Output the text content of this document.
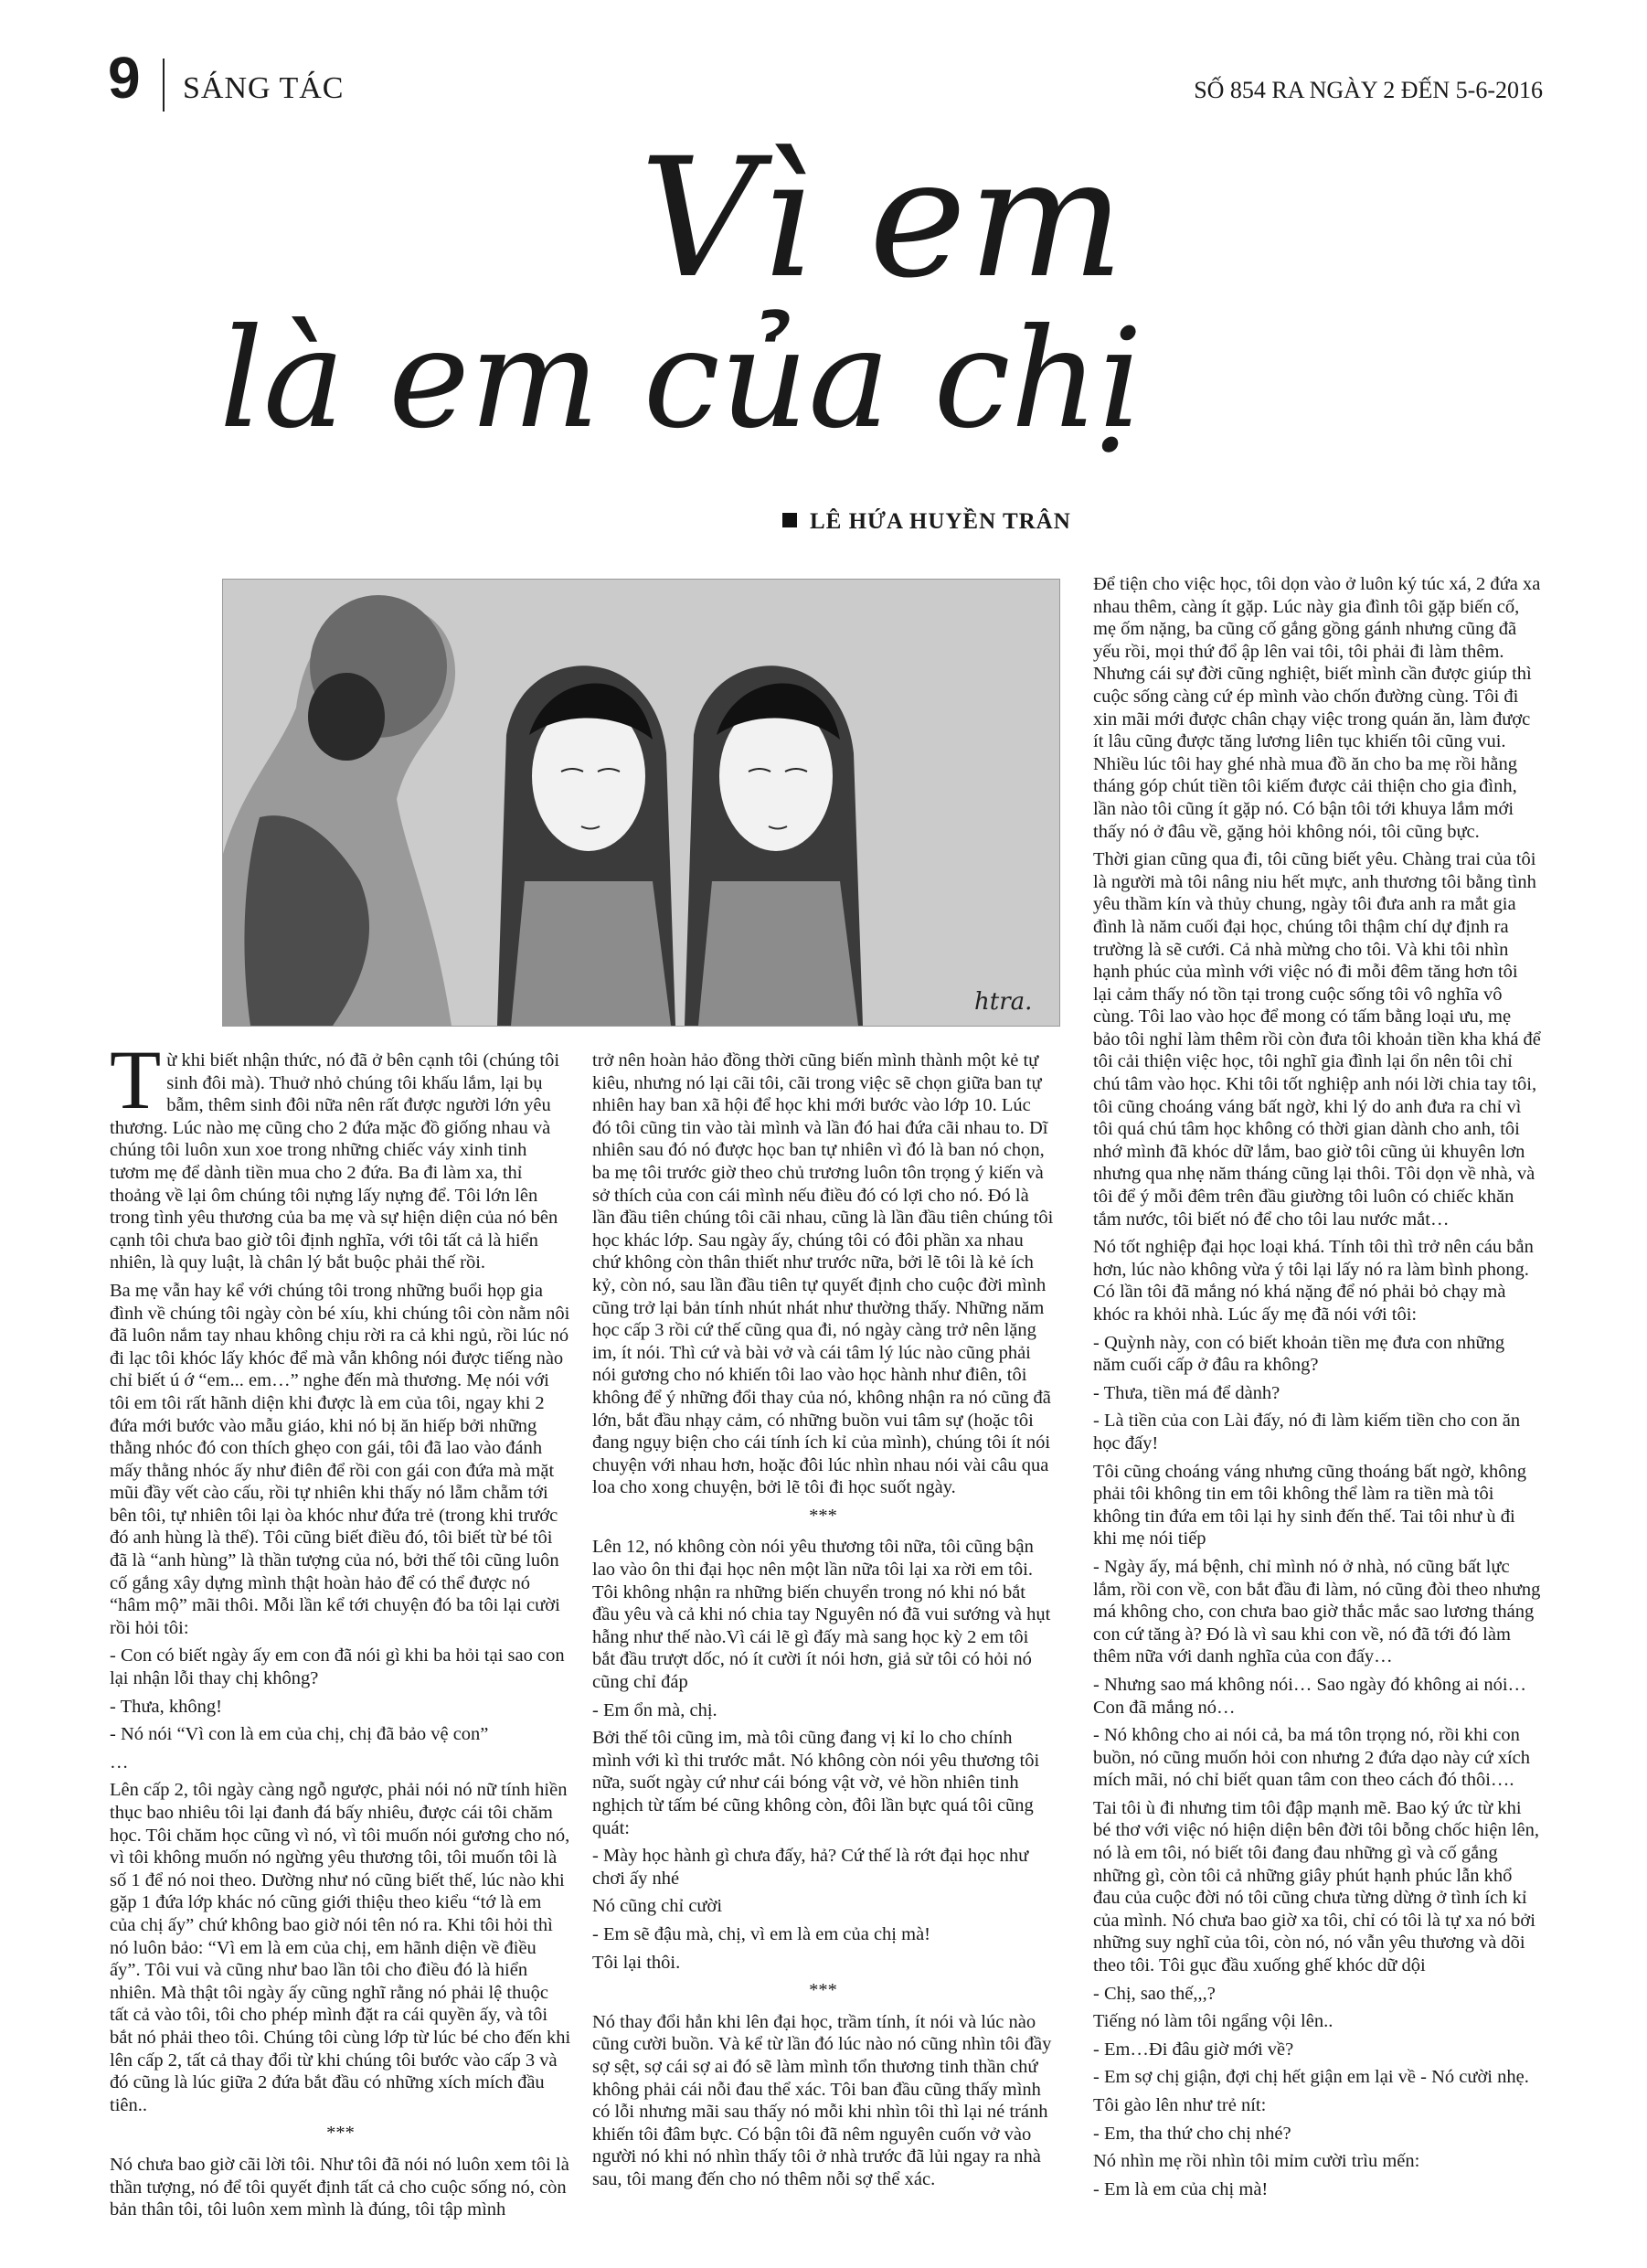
9 SÁNG TÁC	SỐ 854 RA NGÀY 2 ĐẾN 5-6-2016
Vì em
là em của chị
LÊ HỨA HUYỀN TRÂN
htra.

Từ khi biết nhận thức, nó đã ở bên cạnh tôi (chúng tôi sinh đôi mà). Thuở nhỏ chúng tôi khấu lắm, lại bụ bẫm, thêm sinh đôi nữa nên rất được người lớn yêu thương. Lúc nào mẹ cũng cho 2 đứa mặc đồ giống nhau và chúng tôi luôn xun xoe trong những chiếc váy xinh tinh tươm mẹ để dành tiền mua cho 2 đứa. Ba đi làm xa, thỉ thoảng về lại ôm chúng tôi nựng lấy nựng để. Tôi lớn lên trong tình yêu thương của ba mẹ và sự hiện diện của nó bên cạnh tôi chưa bao giờ tôi định nghĩa, với tôi tất cả là hiển nhiên, là quy luật, là chân lý bắt buộc phải thế rồi.

Ba mẹ vẫn hay kể với chúng tôi trong những buổi họp gia đình về chúng tôi ngày còn bé xíu, khi chúng tôi còn nằm nôi đã luôn nắm tay nhau không chịu rời ra cả khi ngủ, rồi lúc nó đi lạc tôi khóc lấy khóc để mà vẫn không nói được tiếng nào chỉ biết ú ớ “em... em…” nghe đến mà thương. Mẹ nói với tôi em tôi rất hãnh diện khi được là em của tôi, ngay khi 2 đứa mới bước vào mẫu giáo, khi nó bị ăn hiếp bởi những thằng nhóc đó con thích ghẹo con gái, tôi đã lao vào đánh mấy thằng nhóc ấy như điên để rồi con gái con đứa mà mặt mũi đầy vết cào cấu, rồi tự nhiên khi thấy nó lẵm chẵm tới bên tôi, tự nhiên tôi lại òa khóc như đứa trẻ (trong khi trước đó anh hùng là thế). Tôi cũng biết điều đó, tôi biết từ bé tôi đã là “anh hùng” là thần tượng của nó, bởi thế tôi cũng luôn cố gắng xây dựng mình thật hoàn hảo để có thể được nó “hâm mộ” mãi thôi. Mỗi lần kể tới chuyện đó ba tôi lại cười rồi hỏi tôi:

- Con có biết ngày ấy em con đã nói gì khi ba hỏi tại sao con lại nhận lỗi thay chị không?

- Thưa, không!

- Nó nói “Vì con là em của chị, chị đã bảo vệ con”

…

Lên cấp 2, tôi ngày càng ngỗ ngược, phải nói nó nữ tính hiền thục bao nhiêu tôi lại đanh đá bấy nhiêu, được cái tôi chăm học. Tôi chăm học cũng vì nó, vì tôi muốn nói gương cho nó, vì tôi không muốn nó ngừng yêu thương tôi, tôi muốn tôi là số 1 để nó noi theo. Dường như nó cũng biết thế, lúc nào khi gặp 1 đứa lớp khác nó cũng giới thiệu theo kiểu “tớ là em của chị ấy” chứ không bao giờ nói tên nó ra. Khi tôi hỏi thì nó luôn bảo: “Vì em là em của chị, em hãnh diện về điều ấy”. Tôi vui và cũng như bao lần tôi cho điều đó là hiển nhiên. Mà thật tôi ngày ấy cũng nghĩ rằng nó phải lệ thuộc tất cả vào tôi, tôi cho phép mình đặt ra cái quyền ấy, và tôi bắt nó phải theo tôi. Chúng tôi cùng lớp từ lúc bé cho đến khi lên cấp 2, tất cả thay đổi từ khi chúng tôi bước vào cấp 3 và đó cũng là lúc giữa 2 đứa bắt đầu có những xích mích đầu tiên..

***

Nó chưa bao giờ cãi lời tôi. Như tôi đã nói nó luôn xem tôi là thần tượng, nó để tôi quyết định tất cả cho cuộc sống nó, còn bản thân tôi, tôi luôn xem mình là đúng, tôi tập mình

trở nên hoàn hảo đồng thời cũng biến mình thành một kẻ tự kiêu, nhưng nó lại cãi tôi, cãi trong việc sẽ chọn giữa ban tự nhiên hay ban xã hội để học khi mới bước vào lớp 10. Lúc đó tôi cũng tin vào tài mình và lần đó hai đứa cãi nhau to. Dĩ nhiên sau đó nó được học ban tự nhiên vì đó là ban nó chọn, ba mẹ tôi trước giờ theo chủ trương luôn tôn trọng ý kiến và sở thích của con cái mình nếu điều đó có lợi cho nó. Đó là lần đầu tiên chúng tôi cãi nhau, cũng là lần đầu tiên chúng tôi học khác lớp. Sau ngày ấy, chúng tôi có đôi phần xa nhau chứ không còn thân thiết như trước nữa, bởi lẽ tôi là kẻ ích kỷ, còn nó, sau lần đầu tiên tự quyết định cho cuộc đời mình cũng trở lại bản tính nhút nhát như thường thấy. Những năm học cấp 3 rồi cứ thế cũng qua đi, nó ngày càng trở nên lặng im, ít nói. Thì cứ và bài vở và cái tâm lý lúc nào cũng phải nói gương cho nó khiến tôi lao vào học hành như điên, tôi không để ý những đổi thay của nó, không nhận ra nó cũng đã lớn, bắt đầu nhạy cảm, có những buồn vui tâm sự (hoặc tôi đang ngụy biện cho cái tính ích kỉ của mình), chúng tôi ít nói chuyện với nhau hơn, hoặc đôi lúc nhìn nhau nói vài câu qua loa cho xong chuyện, bởi lẽ tôi đi học suốt ngày.

***

Lên 12, nó không còn nói yêu thương tôi nữa, tôi cũng bận lao vào ôn thi đại học nên một lần nữa tôi lại xa rời em tôi. Tôi không nhận ra những biến chuyển trong nó khi nó bắt đầu yêu và cả khi nó chia tay Nguyên nó đã vui sướng và hụt hẫng như thế nào.Vì cái lẽ gì đấy mà sang học kỳ 2 em tôi bắt đầu trượt dốc, nó ít cười ít nói hơn, giả sử tôi có hỏi nó cũng chỉ đáp

- Em ổn mà, chị.

Bởi thế tôi cũng im, mà tôi cũng đang vị kỉ lo cho chính mình với kì thi trước mắt. Nó không còn nói yêu thương tôi nữa, suốt ngày cứ như cái bóng vật vờ, vẻ hồn nhiên tinh nghịch từ tấm bé cũng không còn, đôi lần bực quá tôi cũng quát:

- Mày học hành gì chưa đấy, hả? Cứ thế là rớt đại học như chơi ấy nhé

Nó cũng chỉ cười

- Em sẽ đậu mà, chị, vì em là em của chị mà!

Tôi lại thôi.

***

Nó thay đổi hẳn khi lên đại học, trầm tính, ít nói và lúc nào cũng cười buồn. Và kể từ lần đó lúc nào nó cũng nhìn tôi đầy sợ sệt, sợ cái sợ ai đó sẽ làm mình tổn thương tinh thần chứ không phải cái nỗi đau thể xác. Tôi ban đầu cũng thấy mình có lỗi nhưng mãi sau thấy nó mỗi khi nhìn tôi thì lại né tránh khiến tôi đâm bực. Có bận tôi đã nêm nguyên cuốn vở vào người nó khi nó nhìn thấy tôi ở nhà trước đã lủi ngay ra nhà sau, tôi mang đến cho nó thêm nỗi sợ thể xác.

Để tiện cho việc học, tôi dọn vào ở luôn ký túc xá, 2 đứa xa nhau thêm, càng ít gặp. Lúc này gia đình tôi gặp biến cố, mẹ ốm nặng, ba cũng cố gắng gồng gánh nhưng cũng đã yếu rồi, mọi thứ đổ ập lên vai tôi, tôi phải đi làm thêm. Nhưng cái sự đời cũng nghiệt, biết mình cần được giúp thì cuộc sống càng cứ ép mình vào chốn đường cùng. Tôi đi xin mãi mới được chân chạy việc trong quán ăn, làm được ít lâu cũng được tăng lương liên tục khiến tôi cũng vui. Nhiều lúc tôi hay ghé nhà mua đồ ăn cho ba mẹ rồi hằng tháng góp chút tiền tôi kiếm được cải thiện cho gia đình, lần nào tôi cũng ít gặp nó. Có bận tôi tới khuya lắm mới thấy nó ở đâu về, gặng hỏi không nói, tôi cũng bực.

Thời gian cũng qua đi, tôi cũng biết yêu. Chàng trai của tôi là người mà tôi nâng niu hết mực, anh thương tôi bằng tình yêu thầm kín và thủy chung, ngày tôi đưa anh ra mắt gia đình là năm cuối đại học, chúng tôi thậm chí dự định ra trường là sẽ cưới. Cả nhà mừng cho tôi. Và khi tôi nhìn hạnh phúc của mình với việc nó đi mỗi đêm tăng hơn tôi lại cảm thấy nó tồn tại trong cuộc sống tôi vô nghĩa vô cùng. Tôi lao vào học để mong có tấm bằng loại ưu, mẹ bảo tôi nghỉ làm thêm rồi còn đưa tôi khoản tiền kha khá để tôi cải thiện việc học, tôi nghĩ gia đình lại ổn nên tôi chỉ chú tâm vào học. Khi tôi tốt nghiệp anh nói lời chia tay tôi, tôi cũng choáng váng bất ngờ, khi lý do anh đưa ra chỉ vì tôi quá chú tâm học không có thời gian dành cho anh, tôi nhớ mình đã khóc dữ lắm, bao giờ tôi cũng ủi khuyên lơn nhưng qua nhẹ năm tháng cũng lại thôi. Tôi dọn về nhà, và tôi để ý mỗi đêm trên đầu giường tôi luôn có chiếc khăn tắm nước, tôi biết nó để cho tôi lau nước mắt…

Nó tốt nghiệp đại học loại khá. Tính tôi thì trở nên cáu bẳn hơn, lúc nào không vừa ý tôi lại lấy nó ra làm bình phong. Có lần tôi đã mắng nó khá nặng để nó phải bỏ chạy mà khóc ra khỏi nhà. Lúc ấy mẹ đã nói với tôi:

- Quỳnh này, con có biết khoản tiền mẹ đưa con những năm cuối cấp ở đâu ra không?

- Thưa, tiền má để dành?

- Là tiền của con Lài đấy, nó đi làm kiếm tiền cho con ăn học đấy!

Tôi cũng choáng váng nhưng cũng thoáng bất ngờ, không phải tôi không tin em tôi không thể làm ra tiền mà tôi không tin đứa em tôi lại hy sinh đến thế. Tai tôi như ù đi khi mẹ nói tiếp

- Ngày ấy, má bệnh, chỉ mình nó ở nhà, nó cũng bất lực lắm, rồi con về, con bắt đầu đi làm, nó cũng đòi theo nhưng má không cho, con chưa bao giờ thắc mắc sao lương tháng con cứ tăng à? Đó là vì sau khi con về, nó đã tới đó làm thêm nữa với danh nghĩa của con đấy…

- Nhưng sao má không nói… Sao ngày đó không ai nói… Con đã mắng nó…

- Nó không cho ai nói cả, ba má tôn trọng nó, rồi khi con buồn, nó cũng muốn hỏi con nhưng 2 đứa dạo này cứ xích mích mãi, nó chỉ biết quan tâm con theo cách đó thôi….

Tai tôi ù đi nhưng tim tôi đập mạnh mẽ. Bao ký ức từ khi bé thơ với việc nó hiện diện bên đời tôi bỗng chốc hiện lên, nó là em tôi, nó biết tôi đang đau những gì và cố gắng những gì, còn tôi cả những giây phút hạnh phúc lẫn khổ đau của cuộc đời nó tôi cũng chưa từng dừng ở tình ích kỉ của mình. Nó chưa bao giờ xa tôi, chỉ có tôi là tự xa nó bởi những suy nghĩ của tôi, còn nó, nó vẫn yêu thương và dõi theo tôi. Tôi gục đầu xuống ghế khóc dữ dội

- Chị, sao thế,,,?

Tiếng nó làm tôi ngẩng vội lên..

- Em…Đi đâu giờ mới về?

- Em sợ chị giận, đợi chị hết giận em lại về - Nó cười nhẹ.

Tôi gào lên như trẻ nít:

- Em, tha thứ cho chị nhé?

Nó nhìn mẹ rồi nhìn tôi mỉm cười trìu mến:

- Em là em của chị mà!
